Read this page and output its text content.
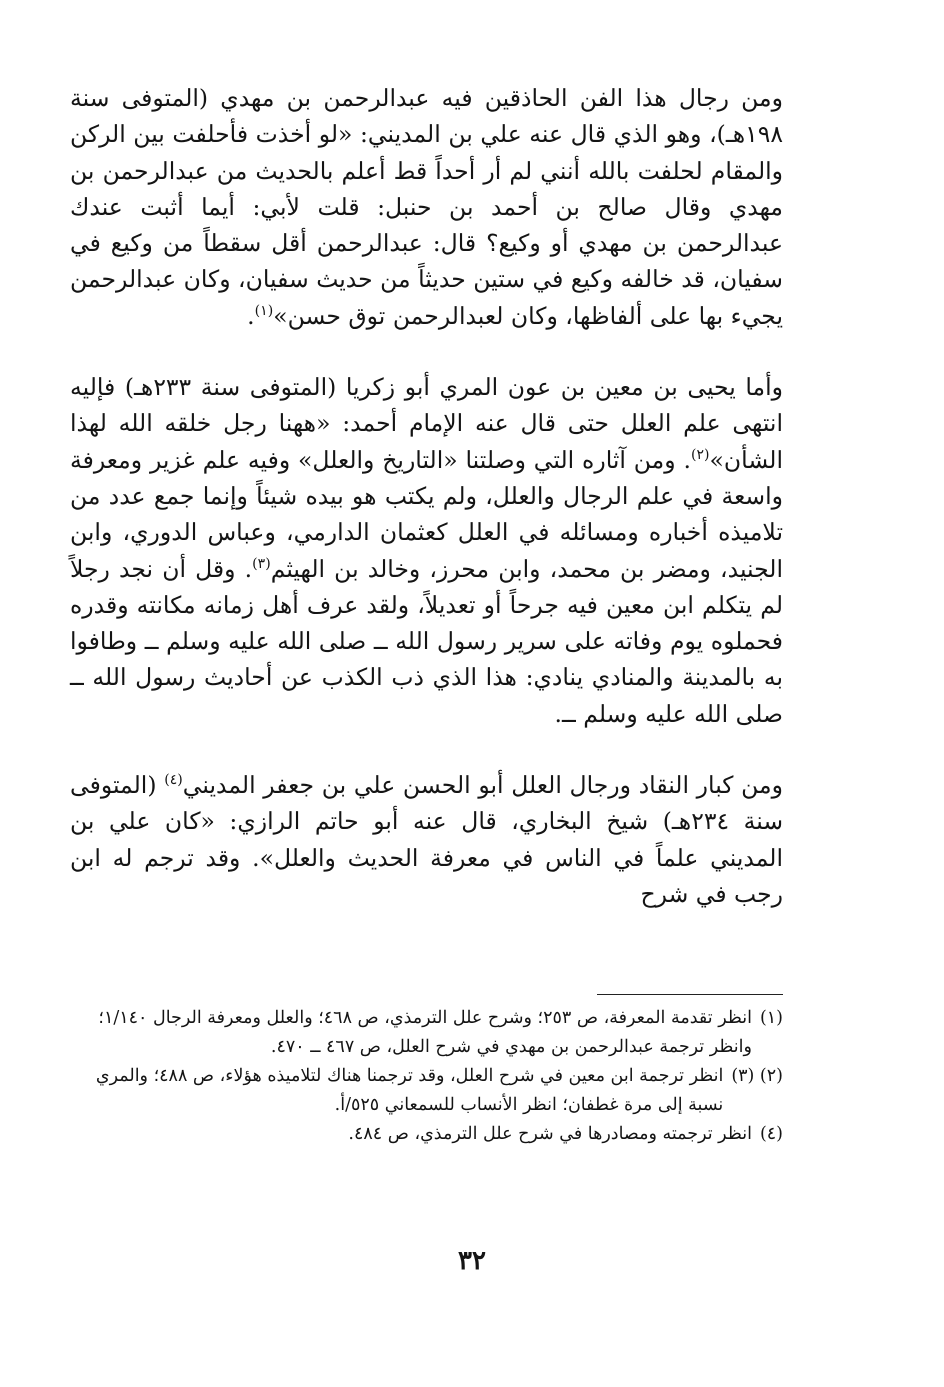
ومن رجال هذا الفن الحاذقين فيه عبدالرحمن بن مهدي (المتوفى سنة ١٩٨هـ)، وهو الذي قال عنه علي بن المديني: «لو أخذت فأحلفت بين الركن والمقام لحلفت بالله أنني لم أر أحداً قط أعلم بالحديث من عبدالرحمن بن مهدي وقال صالح بن أحمد بن حنبل: قلت لأبي: أيما أثبت عندك عبدالرحمن بن مهدي أو وكيع؟ قال: عبدالرحمن أقل سقطاً من وكيع في سفيان، قد خالفه وكيع في ستين حديثاً من حديث سفيان، وكان عبدالرحمن يجيء بها على ألفاظها، وكان لعبدالرحمن توق حسن»$^{(١)}$.

وأما يحيى بن معين بن عون المري أبو زكريا (المتوفى سنة ٢٣٣هـ) فإليه انتهى علم العلل حتى قال عنه الإمام أحمد: «ههنا رجل خلقه الله لهذا الشأن»$^{(٢)}$. ومن آثاره التي وصلتنا «التاريخ والعلل» وفيه علم غزير ومعرفة واسعة في علم الرجال والعلل، ولم يكتب هو بيده شيئاً وإنما جمع عدد من تلاميذه أخباره ومسائله في العلل كعثمان الدارمي، وعباس الدوري، وابن الجنيد، ومضر بن محمد، وابن محرز، وخالد بن الهيثم$^{(٣)}$. وقل أن نجد رجلاً لم يتكلم ابن معين فيه جرحاً أو تعديلاً، ولقد عرف أهل زمانه مكانته وقدره فحملوه يوم وفاته على سرير رسول الله ــ صلى الله عليه وسلم ــ وطافوا به بالمدينة والمنادي ينادي: هذا الذي ذب الكذب عن أحاديث رسول الله ــ صلى الله عليه وسلم ــ.

ومن كبار النقاد ورجال العلل أبو الحسن علي بن جعفر المديني$^{(٤)}$ (المتوفى سنة ٢٣٤هـ) شيخ البخاري، قال عنه أبو حاتم الرازي: «كان علي بن المديني علماً في الناس في معرفة الحديث والعلل». وقد ترجم له ابن رجب في شرح

(١)
انظر تقدمة المعرفة، ص ٢٥٣؛ وشرح علل الترمذي، ص ٤٦٨؛ والعلل ومعرفة الرجال ١/١٤٠؛ وانظر ترجمة عبدالرحمن بن مهدي في شرح العلل، ص ٤٦٧ ــ ٤٧٠.
(٢) (٣)
انظر ترجمة ابن معين في شرح العلل، وقد ترجمنا هناك لتلاميذه هؤلاء، ص ٤٨٨؛ والمري نسبة إلى مرة غطفان؛ انظر الأنساب للسمعاني ٥٢٥/أ.
(٤)
انظر ترجمته ومصادرها في شرح علل الترمذي، ص ٤٨٤.
٣٢
